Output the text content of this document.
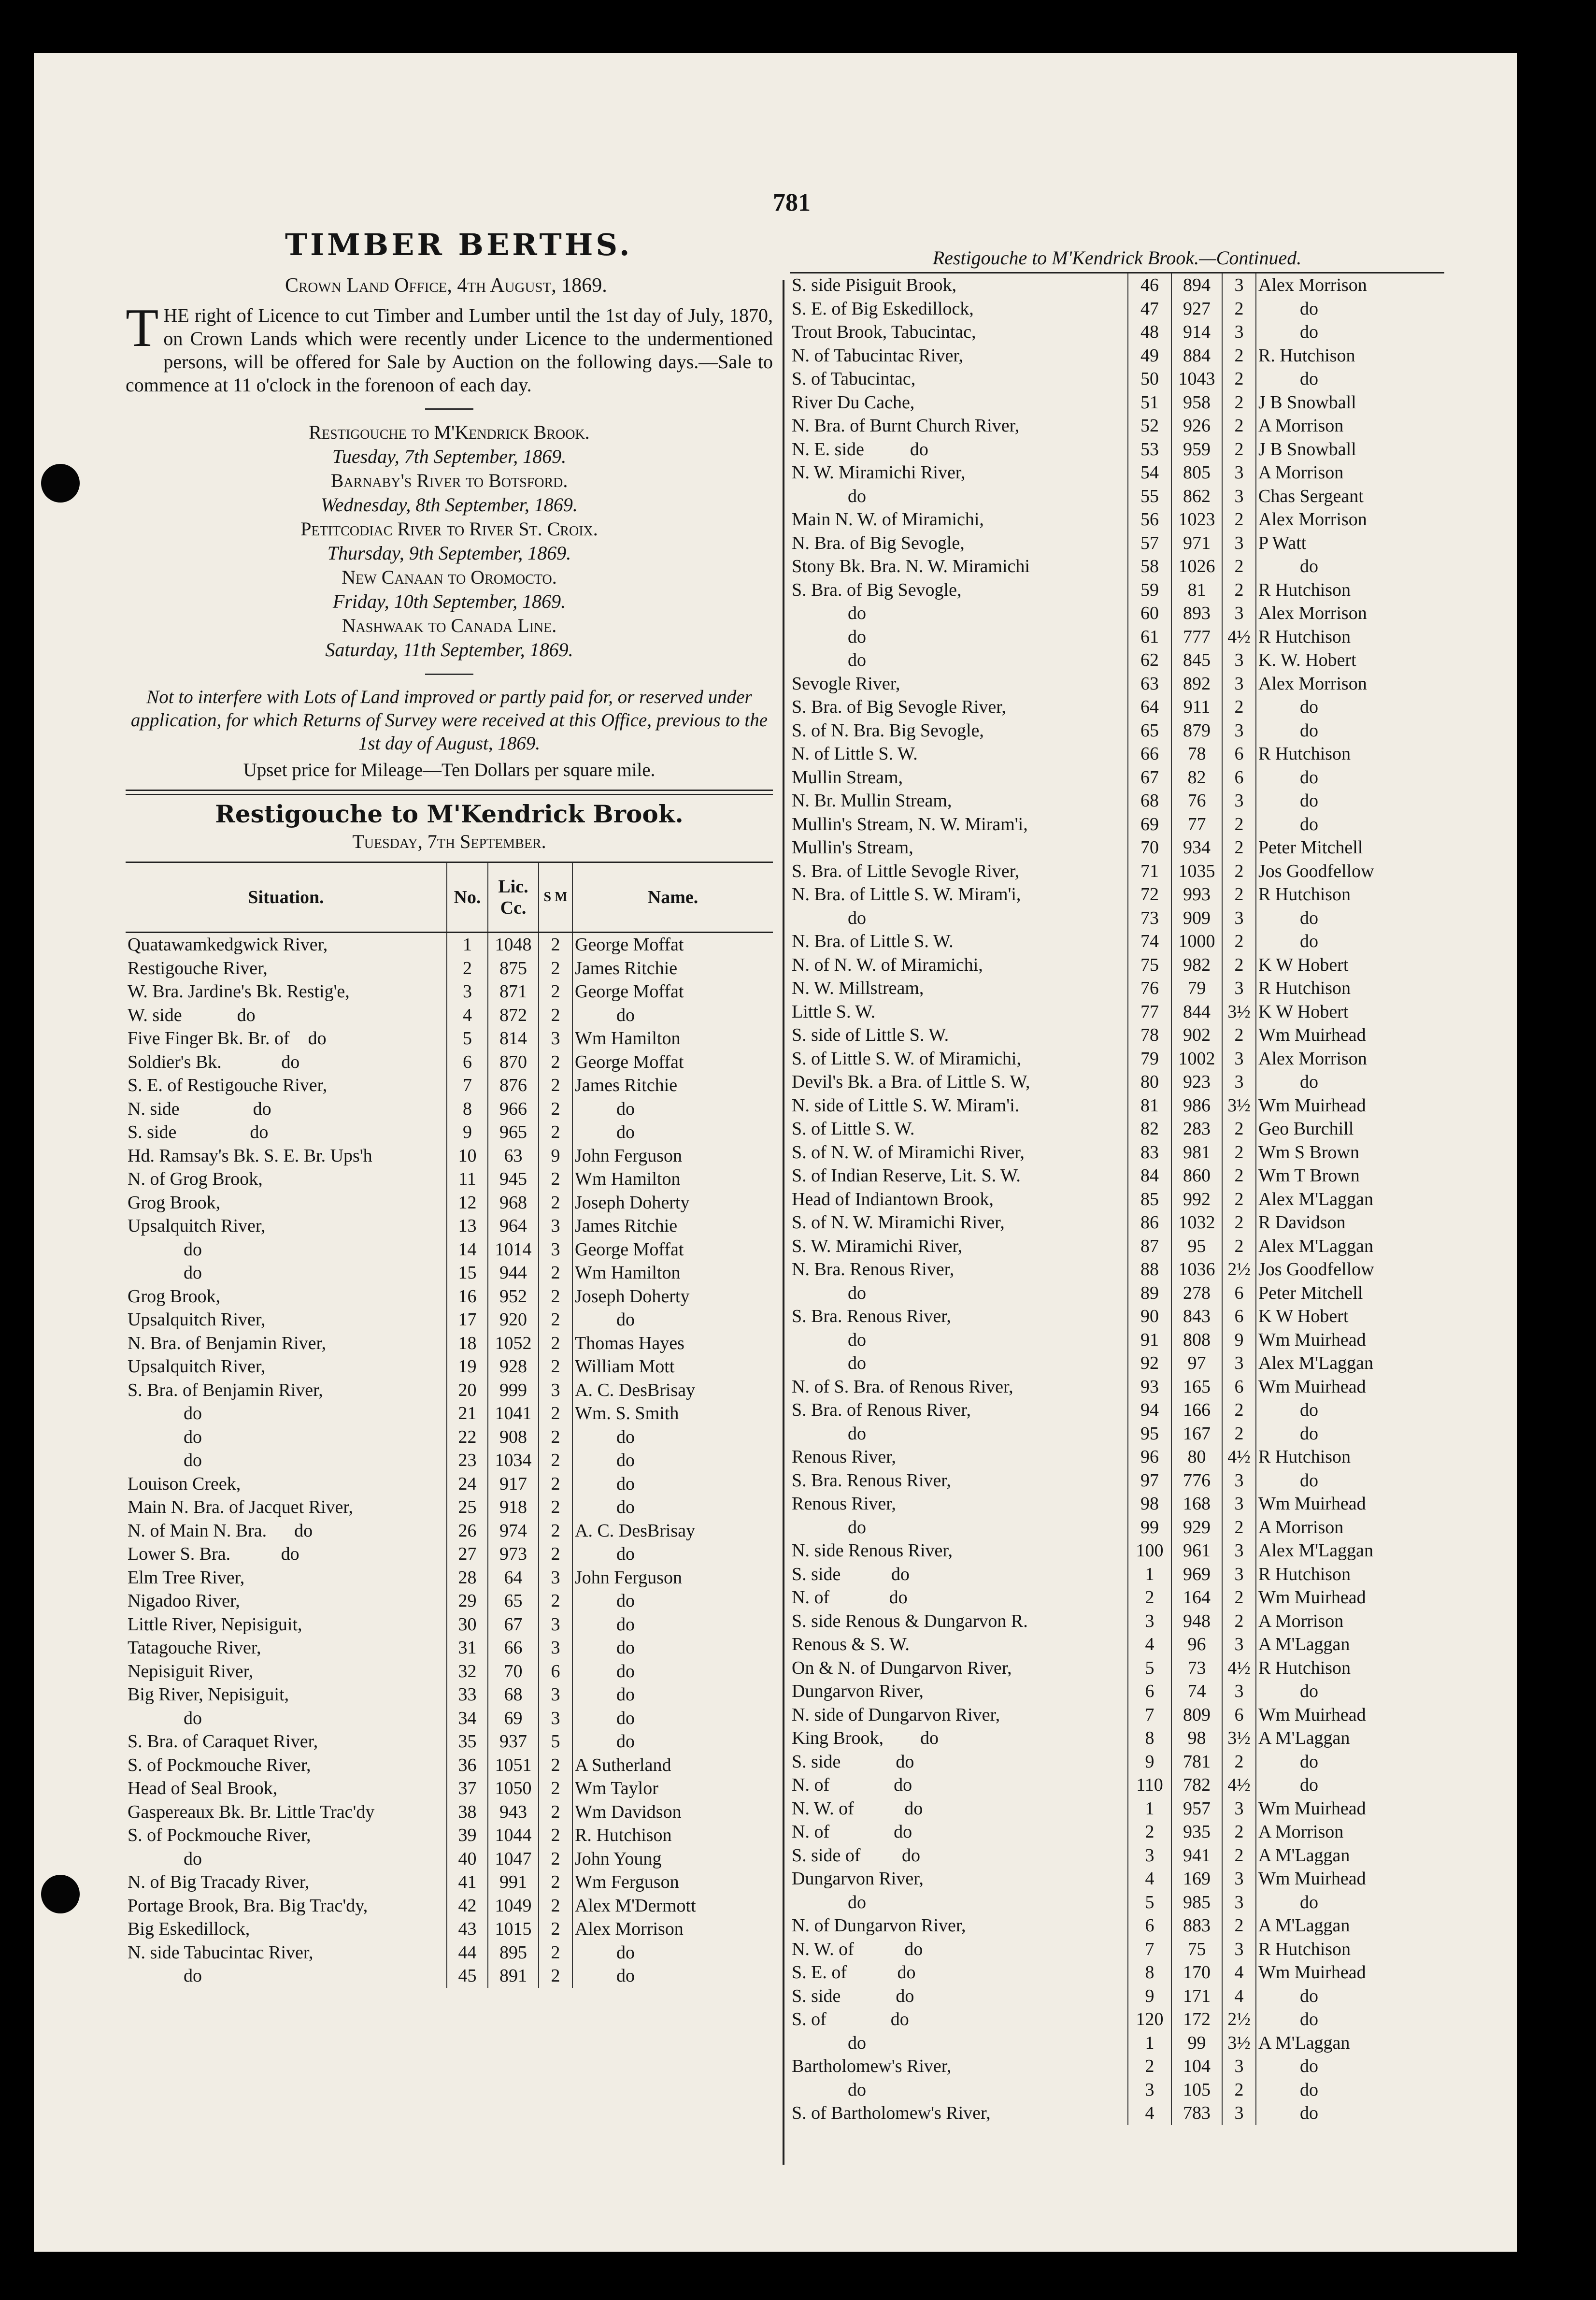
781
TIMBER BERTHS.
Crown Land Office, 4th August, 1869.
THE right of Licence to cut Timber and Lumber until the 1st day of July, 1870, on Crown Lands which were recently under Licence to the undermentioned persons, will be offered for Sale by Auction on the following days.—Sale to commence at 11 o'clock in the forenoon of each day.
Restigouche to M'Kendrick Brook.
Tuesday, 7th September, 1869.
Barnaby's River to Botsford.
Wednesday, 8th September, 1869.
Petitcodiac River to River St. Croix.
Thursday, 9th September, 1869.
New Canaan to Oromocto.
Friday, 10th September, 1869.
Nashwaak to Canada Line.
Saturday, 11th September, 1869.
Not to interfere with Lots of Land improved or partly paid for, or reserved under application, for which Returns of Survey were received at this Office, previous to the 1st day of August, 1869.
Upset price for Mileage—Ten Dollars per square mile.
Restigouche to M'Kendrick Brook.
Tuesday, 7th September.
Situation.	No.	Lic. Cc.	S M	Name.
Quatawamkedgwick River,	1	1048	2	George Moffat
Restigouche River,	2	875	2	James Ritchie
W. Bra. Jardine's Bk. Restig'e,	3	871	2	George Moffat
W. side            do	4	872	2	do
Five Finger Bk. Br. of    do	5	814	3	Wm Hamilton
Soldier's Bk.             do	6	870	2	George Moffat
S. E. of Restigouche River,	7	876	2	James Ritchie
N. side                do	8	966	2	do
S. side                do	9	965	2	do
Hd. Ramsay's Bk. S. E. Br. Ups'h	10	63	9	John Ferguson
N. of Grog Brook,	11	945	2	Wm Hamilton
Grog Brook,	12	968	2	Joseph Doherty
Upsalquitch River,	13	964	3	James Ritchie
do	14	1014	3	George Moffat
do	15	944	2	Wm Hamilton
Grog Brook,	16	952	2	Joseph Doherty
Upsalquitch River,	17	920	2	do
N. Bra. of Benjamin River,	18	1052	2	Thomas Hayes
Upsalquitch River,	19	928	2	William Mott
S. Bra. of Benjamin River,	20	999	3	A. C. DesBrisay
do	21	1041	2	Wm. S. Smith
do	22	908	2	do
do	23	1034	2	do
Louison Creek,	24	917	2	do
Main N. Bra. of Jacquet River,	25	918	2	do
N. of Main N. Bra.      do	26	974	2	A. C. DesBrisay
Lower S. Bra.           do	27	973	2	do
Elm Tree River,	28	64	3	John Ferguson
Nigadoo River,	29	65	2	do
Little River, Nepisiguit,	30	67	3	do
Tatagouche River,	31	66	3	do
Nepisiguit River,	32	70	6	do
Big River, Nepisiguit,	33	68	3	do
do	34	69	3	do
S. Bra. of Caraquet River,	35	937	5	do
S. of Pockmouche River,	36	1051	2	A Sutherland
Head of Seal Brook,	37	1050	2	Wm Taylor
Gaspereaux Bk. Br. Little Trac'dy	38	943	2	Wm Davidson
S. of Pockmouche River,	39	1044	2	R. Hutchison
do	40	1047	2	John Young
N. of Big Tracady River,	41	991	2	Wm Ferguson
Portage Brook, Bra. Big Trac'dy,	42	1049	2	Alex M'Dermott
Big Eskedillock,	43	1015	2	Alex Morrison
N. side Tabucintac River,	44	895	2	do
do	45	891	2	do
Restigouche to M'Kendrick Brook.—Continued.
S. side Pisiguit Brook,	46	894	3	Alex Morrison
S. E. of Big Eskedillock,	47	927	2	do
Trout Brook, Tabucintac,	48	914	3	do
N. of Tabucintac River,	49	884	2	R. Hutchison
S. of Tabucintac,	50	1043	2	do
River Du Cache,	51	958	2	J B Snowball
N. Bra. of Burnt Church River,	52	926	2	A Morrison
N. E. side          do	53	959	2	J B Snowball
N. W. Miramichi River,	54	805	3	A Morrison
do	55	862	3	Chas Sergeant
Main N. W. of Miramichi,	56	1023	2	Alex Morrison
N. Bra. of Big Sevogle,	57	971	3	P Watt
Stony Bk. Bra. N. W. Miramichi	58	1026	2	do
S. Bra. of Big Sevogle,	59	81	2	R Hutchison
do	60	893	3	Alex Morrison
do	61	777	4½	R Hutchison
do	62	845	3	K. W. Hobert
Sevogle River,	63	892	3	Alex Morrison
S. Bra. of Big Sevogle River,	64	911	2	do
S. of N. Bra. Big Sevogle,	65	879	3	do
N. of Little S. W.	66	78	6	R Hutchison
Mullin Stream,	67	82	6	do
N. Br. Mullin Stream,	68	76	3	do
Mullin's Stream, N. W. Miram'i,	69	77	2	do
Mullin's Stream,	70	934	2	Peter Mitchell
S. Bra. of Little Sevogle River,	71	1035	2	Jos Goodfellow
N. Bra. of Little S. W. Miram'i,	72	993	2	R Hutchison
do	73	909	3	do
N. Bra. of Little S. W.	74	1000	2	do
N. of N. W. of Miramichi,	75	982	2	K W Hobert
N. W. Millstream,	76	79	3	R Hutchison
Little S. W.	77	844	3½	K W Hobert
S. side of Little S. W.	78	902	2	Wm Muirhead
S. of Little S. W. of Miramichi,	79	1002	3	Alex Morrison
Devil's Bk. a Bra. of Little S. W,	80	923	3	do
N. side of Little S. W. Miram'i.	81	986	3½	Wm Muirhead
S. of Little S. W.	82	283	2	Geo Burchill
S. of N. W. of Miramichi River,	83	981	2	Wm S Brown
S. of Indian Reserve, Lit. S. W.	84	860	2	Wm T Brown
Head of Indiantown Brook,	85	992	2	Alex M'Laggan
S. of N. W. Miramichi River,	86	1032	2	R Davidson
S. W. Miramichi River,	87	95	2	Alex M'Laggan
N. Bra. Renous River,	88	1036	2½	Jos Goodfellow
do	89	278	6	Peter Mitchell
S. Bra. Renous River,	90	843	6	K W Hobert
do	91	808	9	Wm Muirhead
do	92	97	3	Alex M'Laggan
N. of S. Bra. of Renous River,	93	165	6	Wm Muirhead
S. Bra. of Renous River,	94	166	2	do
do	95	167	2	do
Renous River,	96	80	4½	R Hutchison
S. Bra. Renous River,	97	776	3	do
Renous River,	98	168	3	Wm Muirhead
do	99	929	2	A Morrison
N. side Renous River,	100	961	3	Alex M'Laggan
S. side           do	1	969	3	R Hutchison
N. of             do	2	164	2	Wm Muirhead
S. side Renous & Dungarvon R.	3	948	2	A Morrison
Renous & S. W.	4	96	3	A M'Laggan
On & N. of Dungarvon River,	5	73	4½	R Hutchison
Dungarvon River,	6	74	3	do
N. side of Dungarvon River,	7	809	6	Wm Muirhead
King Brook,        do	8	98	3½	A M'Laggan
S. side            do	9	781	2	do
N. of              do	110	782	4½	do
N. W. of           do	1	957	3	Wm Muirhead
N. of              do	2	935	2	A Morrison
S. side of         do	3	941	2	A M'Laggan
Dungarvon River,	4	169	3	Wm Muirhead
do	5	985	3	do
N. of Dungarvon River,	6	883	2	A M'Laggan
N. W. of           do	7	75	3	R Hutchison
S. E. of           do	8	170	4	Wm Muirhead
S. side            do	9	171	4	do
S. of              do	120	172	2½	do
do	1	99	3½	A M'Laggan
Bartholomew's River,	2	104	3	do
do	3	105	2	do
S. of Bartholomew's River,	4	783	3	do
